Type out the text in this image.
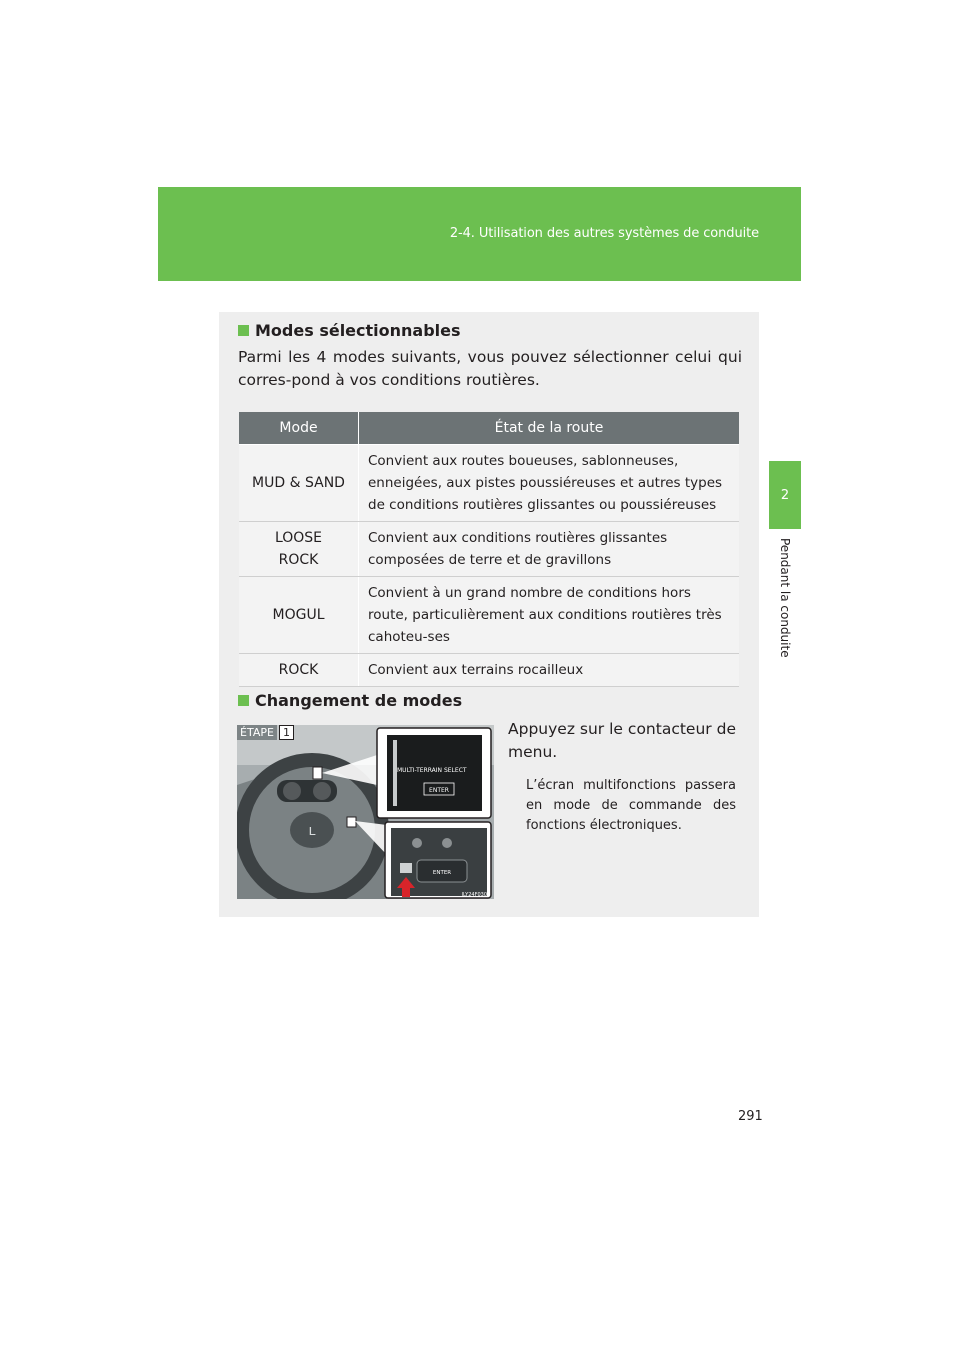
2-4. Utilisation des autres systèmes de conduite
2
Pendant la conduite
Modes sélectionnables
Parmi les 4 modes suivants, vous pouvez sélectionner celui qui corres-pond à vos conditions routières.
Mode	État de la route
MUD & SAND	Convient aux routes boueuses, sablonneuses, enneigées, aux pistes poussiéreuses et autres types de conditions routières glissantes ou poussiéreuses
LOOSE ROCK	Convient aux conditions routières glissantes composées de terre et de gravillons
MOGUL	Convient à un grand nombre de conditions hors route, particulièrement aux conditions routières très cahoteu-ses
ROCK	Convient aux terrains rocailleux
Changement de modes
ʟ
MULTI-TERRAIN SELECT
ENTER
ENTER
ILY24F030
ÉTAPE 1	Appuyez sur le contacteur de menu.
L’écran multifonctions passera en mode de commande des fonctions électroniques.
291
